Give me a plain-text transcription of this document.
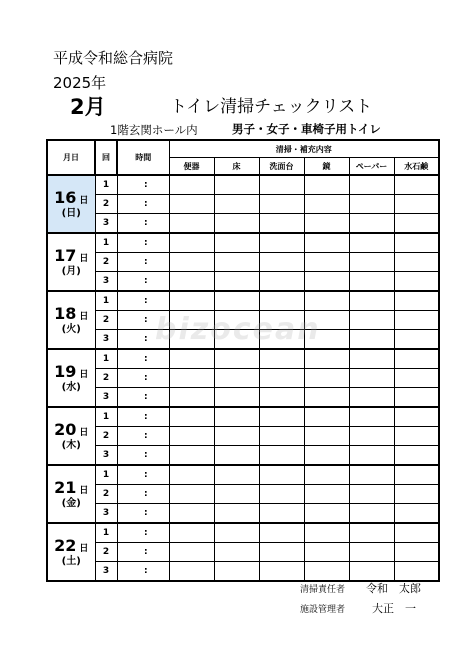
平成令和総合病院
2025年
2月	トイレ清掃チェックリスト
1階玄関ホール内	男子・女子・車椅子用トイレ
月日	回	時間		清掃・補充内容					
				便器	床	洗面台	鏡	ペーパー	水石鹸
16 日
(日)	1		:						
	2		:						
	3		:						
17 日
(月)	1		:						
	2		:						
	3		:						
18 日
(火)	1		:						
	2		:						
	3		:						
19 日
(水)	1		:						
	2		:						
	3		:						
20 日
(木)	1		:						
	2		:						
	3		:						
21 日
(金)	1		:						
	2		:						
	3		:						
22 日
(土)	1		:						
	2		:						
	3		:						
清掃責任者 令和　太郎
施設管理者 大正　一
bizocean
